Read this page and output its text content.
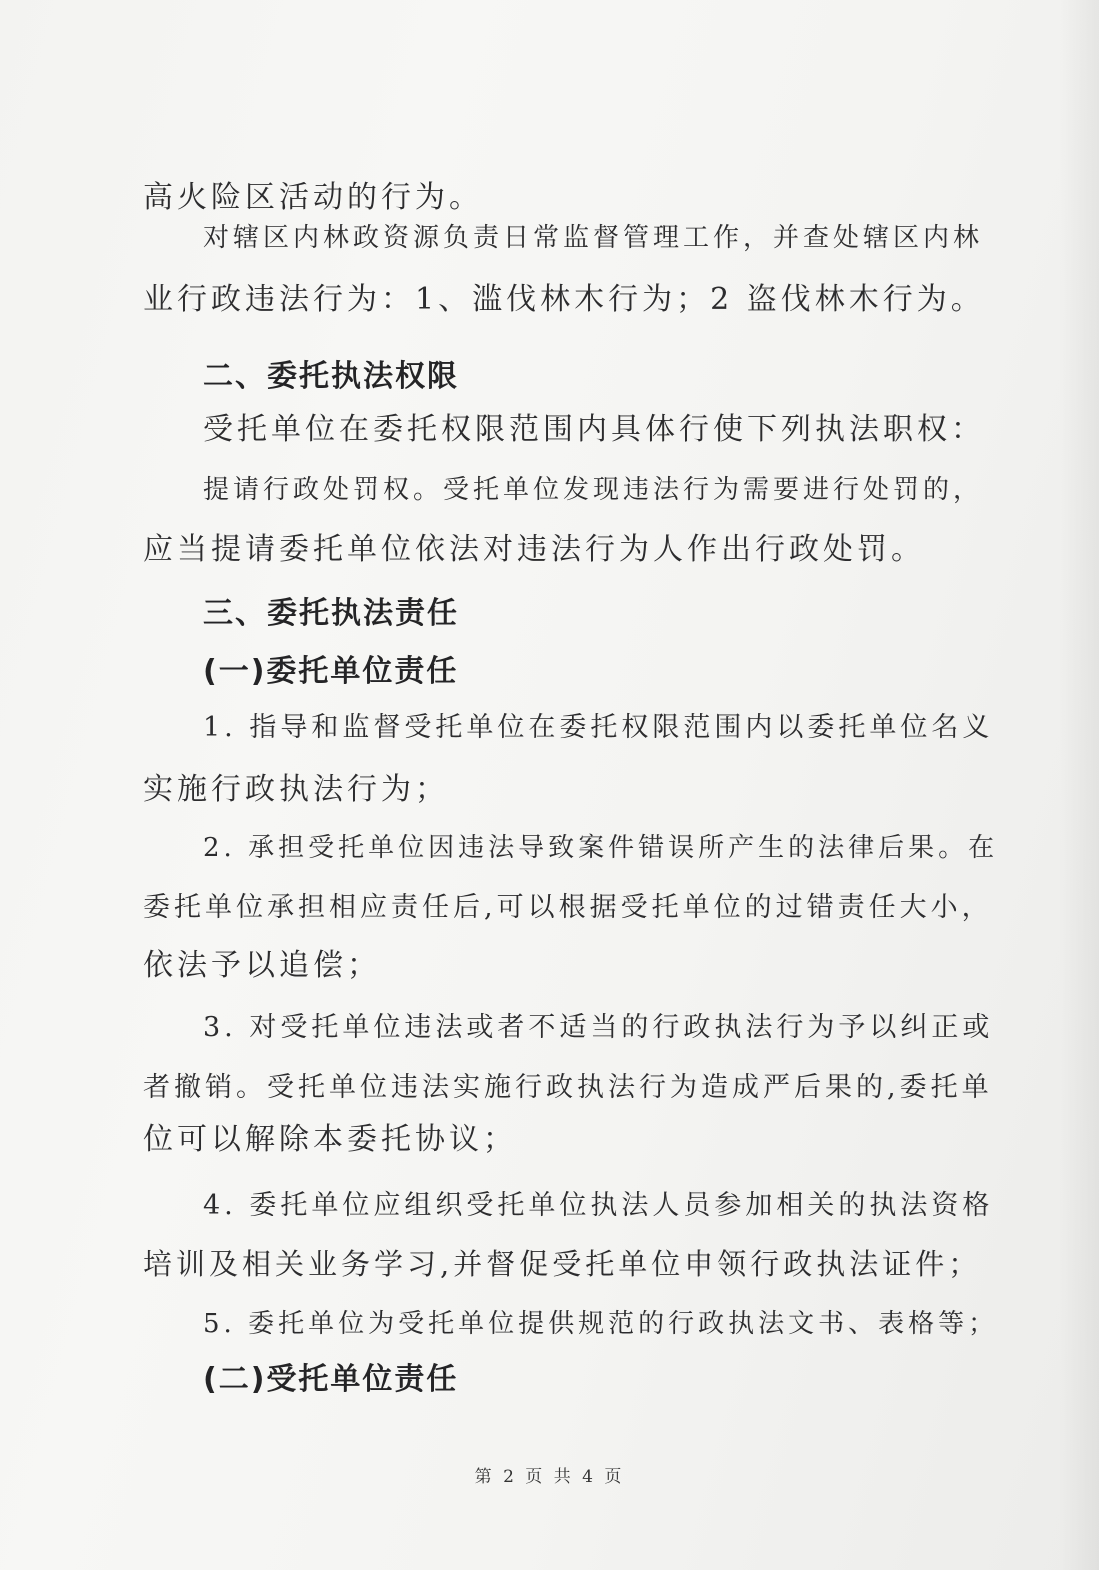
高火险区活动的行为。

对辖区内林政资源负责日常监督管理工作，并查处辖区内林

业行政违法行为：1、滥伐林木行为；2 盗伐林木行为。

二、委托执法权限

受托单位在委托权限范围内具体行使下列执法职权：

提请行政处罚权。受托单位发现违法行为需要进行处罚的，

应当提请委托单位依法对违法行为人作出行政处罚。

三、委托执法责任

(一)委托单位责任

1. 指导和监督受托单位在委托权限范围内以委托单位名义

实施行政执法行为；

2. 承担受托单位因违法导致案件错误所产生的法律后果。在

委托单位承担相应责任后,可以根据受托单位的过错责任大小，

依法予以追偿；

3. 对受托单位违法或者不适当的行政执法行为予以纠正或

者撤销。受托单位违法实施行政执法行为造成严后果的,委托单

位可以解除本委托协议；

4. 委托单位应组织受托单位执法人员参加相关的执法资格

培训及相关业务学习,并督促受托单位申领行政执法证件；

5. 委托单位为受托单位提供规范的行政执法文书、表格等；

(二)受托单位责任

第 2 页 共 4 页
